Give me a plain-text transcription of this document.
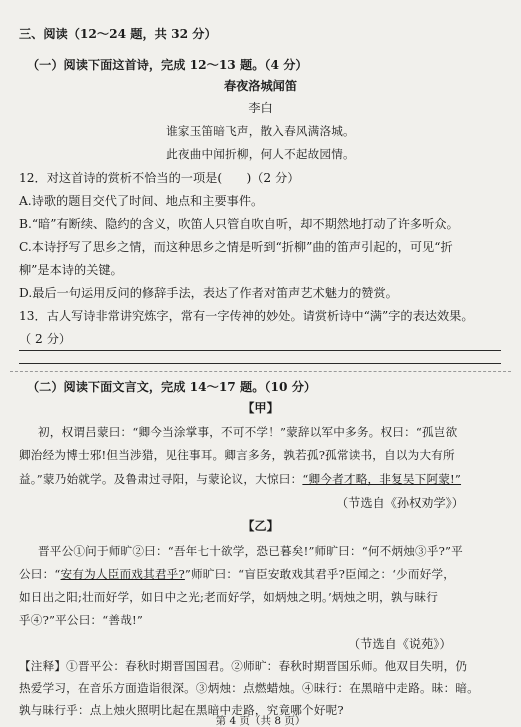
三、阅读（12～24 题，共 32 分）
（一）阅读下面这首诗，完成 12～13 题。（4 分）
春夜洛城闻笛
李白
谁家玉笛暗飞声，散入春风满洛城。
此夜曲中闻折柳，何人不起故园情。
12．对这首诗的赏析不恰当的一项是(　　)（2 分）
A.诗歌的题目交代了时间、地点和主要事件。
B.“暗”有断续、隐约的含义，吹笛人只管自吹自听，却不期然地打动了许多听众。
C.本诗抒写了思乡之情，而这种思乡之情是听到“折柳”曲的笛声引起的，可见“折
柳”是本诗的关键。
D.最后一句运用反问的修辞手法，表达了作者对笛声艺术魅力的赞赏。
13．古人写诗非常讲究炼字，常有一字传神的妙处。请赏析诗中“满”字的表达效果。
（ 2 分）
（二）阅读下面文言文，完成 14～17 题。（10 分）
【甲】
初，权谓吕蒙曰：“卿今当涂掌事，不可不学！”蒙辞以军中多务。权曰：“孤岂欲
卿治经为博士邪!但当涉猎，见往事耳。卿言多务，孰若孤?孤常读书，自以为大有所
益。”蒙乃始就学。及鲁肃过寻阳，与蒙论议，大惊曰：“卿今者才略，非复吴下阿蒙!”
（节选自《孙权劝学》）
【乙】
晋平公①问于师旷②曰：“吾年七十欲学，恐已暮矣!”师旷曰：“何不炳烛③乎?”平
公曰：“安有为人臣而戏其君乎?”师旷曰：“盲臣安敢戏其君乎?臣闻之：‘少而好学，
如日出之阳;壮而好学，如日中之光;老而好学，如炳烛之明。’炳烛之明，孰与昧行
乎④?”平公曰：“善哉!”
（节选自《说苑》）
【注释】①晋平公：春秋时期晋国国君。②师旷：春秋时期晋国乐师。他双目失明，仍
热爱学习，在音乐方面造诣很深。③炳烛：点燃蜡烛。④昧行：在黑暗中走路。昧：暗。
孰与昧行乎：点上烛火照明比起在黑暗中走路，究竟哪个好呢?
第 4 页（共 8 页）
